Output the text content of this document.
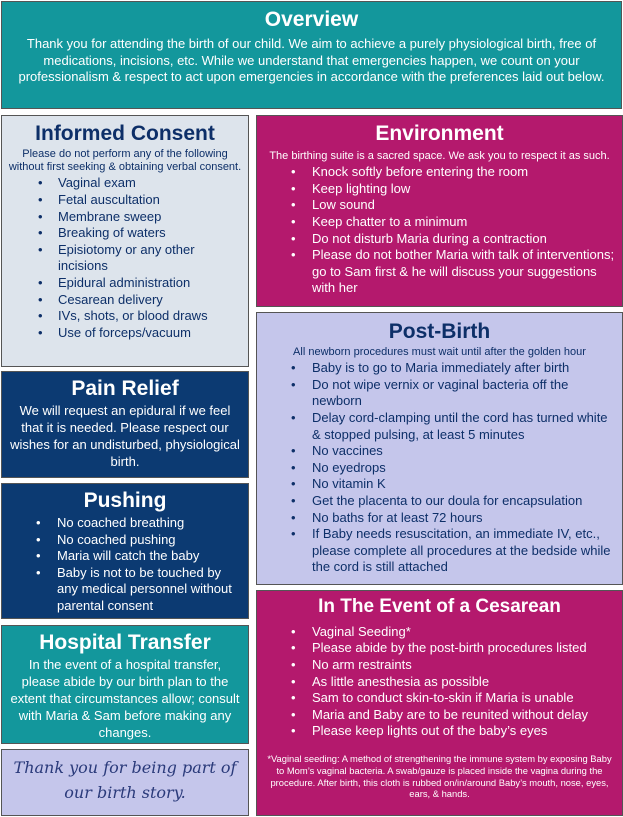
Overview

Thank you for attending the birth of our child. We aim to achieve a purely physiological birth, free of medications, incisions, etc. While we understand that emergencies happen, we count on your professionalism & respect to act upon emergencies in accordance with the preferences laid out below.

Informed Consent

Please do not perform any of the following without first seeking & obtaining verbal consent.

• Vaginal exam
• Fetal auscultation
• Membrane sweep
• Breaking of waters
• Episiotomy or any other incisions
• Epidural administration
• Cesarean delivery
• IVs, shots, or blood draws
• Use of forceps/vacuum
Environment

The birthing suite is a sacred space. We ask you to respect it as such.

• Knock softly before entering the room
• Keep lighting low
• Low sound
• Keep chatter to a minimum
• Do not disturb Maria during a contraction
• Please do not bother Maria with talk of interventions; go to Sam first & he will discuss your suggestions with her
Pain Relief

We will request an epidural if we feel that it is needed. Please respect our wishes for an undisturbed, physiological birth.

Post-Birth

All newborn procedures must wait until after the golden hour

• Baby is to go to Maria immediately after birth
• Do not wipe vernix or vaginal bacteria off the newborn
• Delay cord-clamping until the cord has turned white & stopped pulsing, at least 5 minutes
• No vaccines
• No eyedrops
• No vitamin K
• Get the placenta to our doula for encapsulation
• No baths for at least 72 hours
• If Baby needs resuscitation, an immediate IV, etc., please complete all procedures at the bedside while the cord is still attached
Pushing
• No coached breathing
• No coached pushing
• Maria will catch the baby
• Baby is not to be touched by any medical personnel without parental consent
Hospital Transfer

In the event of a hospital transfer, please abide by our birth plan to the extent that circumstances allow; consult with Maria & Sam before making any changes.

In The Event of a Cesarean
• Vaginal Seeding*
• Please abide by the post-birth procedures listed
• No arm restraints
• As little anesthesia as possible
• Sam to conduct skin-to-skin if Maria is unable
• Maria and Baby are to be reunited without delay
• Please keep lights out of the baby’s eyes

*Vaginal seeding: A method of strengthening the immune system by exposing Baby to Mom’s vaginal bacteria. A swab/gauze is placed inside the vagina during the procedure. After birth, this cloth is rubbed on/in/around Baby’s mouth, nose, eyes, ears, & hands.

Thank you for being part of our birth story.
